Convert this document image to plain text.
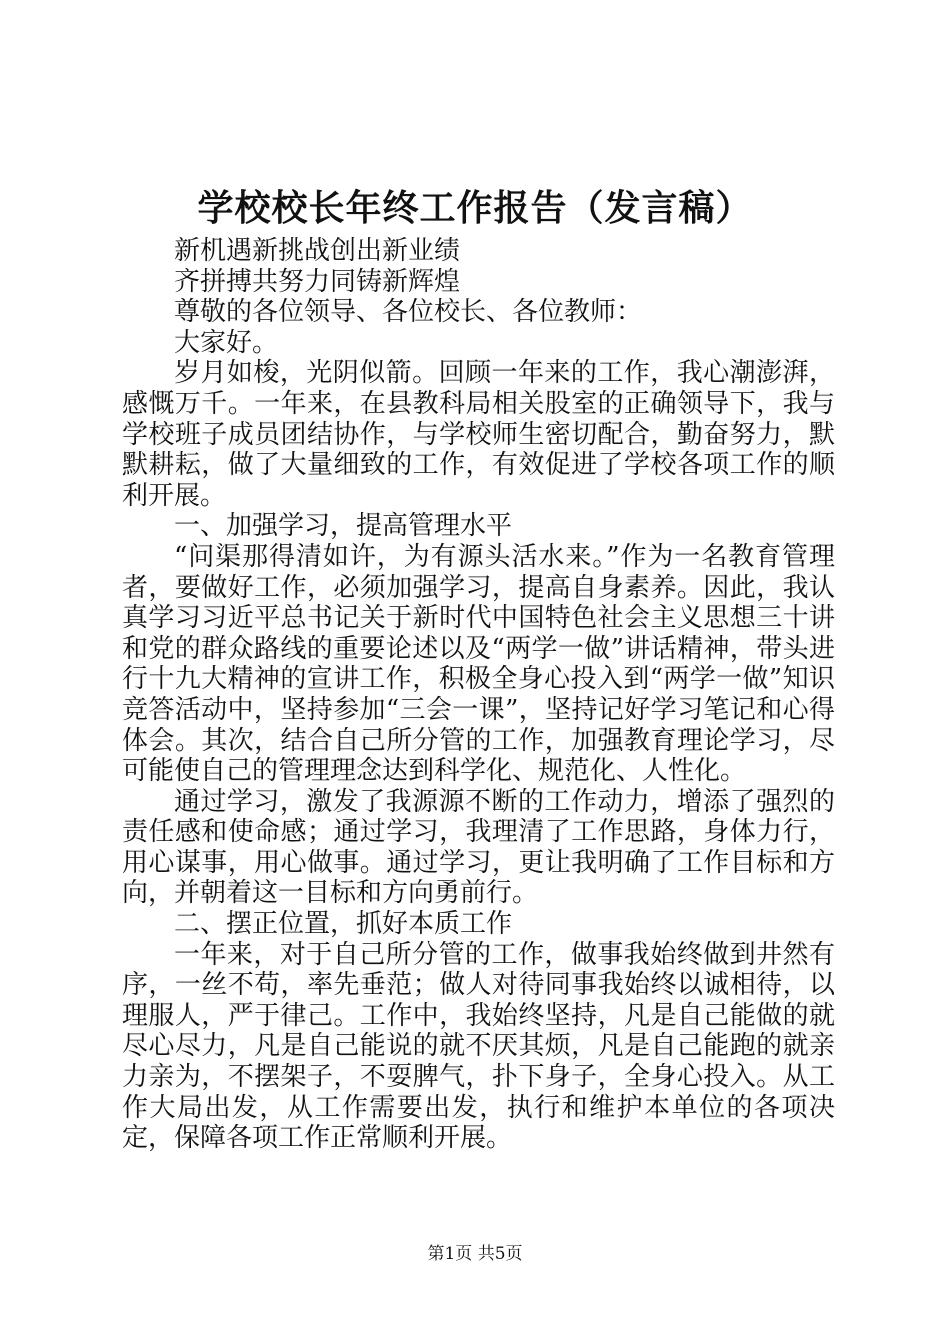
学校校长年终工作报告（发言稿）

新机遇新挑战创出新业绩

齐拼搏共努力同铸新辉煌

尊敬的各位领导、各位校长、各位教师：

大家好。

岁月如梭，光阴似箭。回顾一年来的工作，我心潮澎湃，感慨万千。一年来，在县教科局相关股室的正确领导下，我与学校班子成员团结协作，与学校师生密切配合，勤奋努力，默默耕耘，做了大量细致的工作，有效促进了学校各项工作的顺利开展。

一、加强学习，提高管理水平

“问渠那得清如许，为有源头活水来。”作为一名教育管理者，要做好工作，必须加强学习，提高自身素养。因此，我认真学习习近平总书记关于新时代中国特色社会主义思想三十讲和党的群众路线的重要论述以及“两学一做”讲话精神，带头进行十九大精神的宣讲工作，积极全身心投入到“两学一做”知识竞答活动中，坚持参加“三会一课”，坚持记好学习笔记和心得体会。其次，结合自己所分管的工作，加强教育理论学习，尽可能使自己的管理理念达到科学化、规范化、人性化。

通过学习，激发了我源源不断的工作动力，增添了强烈的责任感和使命感；通过学习，我理清了工作思路，身体力行，用心谋事，用心做事。通过学习，更让我明确了工作目标和方向，并朝着这一目标和方向勇前行。

二、摆正位置，抓好本质工作

一年来，对于自己所分管的工作，做事我始终做到井然有序，一丝不苟，率先垂范；做人对待同事我始终以诚相待，以理服人，严于律己。工作中，我始终坚持，凡是自己能做的就尽心尽力，凡是自己能说的就不厌其烦，凡是自己能跑的就亲力亲为，不摆架子，不耍脾气，扑下身子，全身心投入。从工作大局出发，从工作需要出发，执行和维护本单位的各项决定，保障各项工作正常顺利开展。

第1页 共5页
